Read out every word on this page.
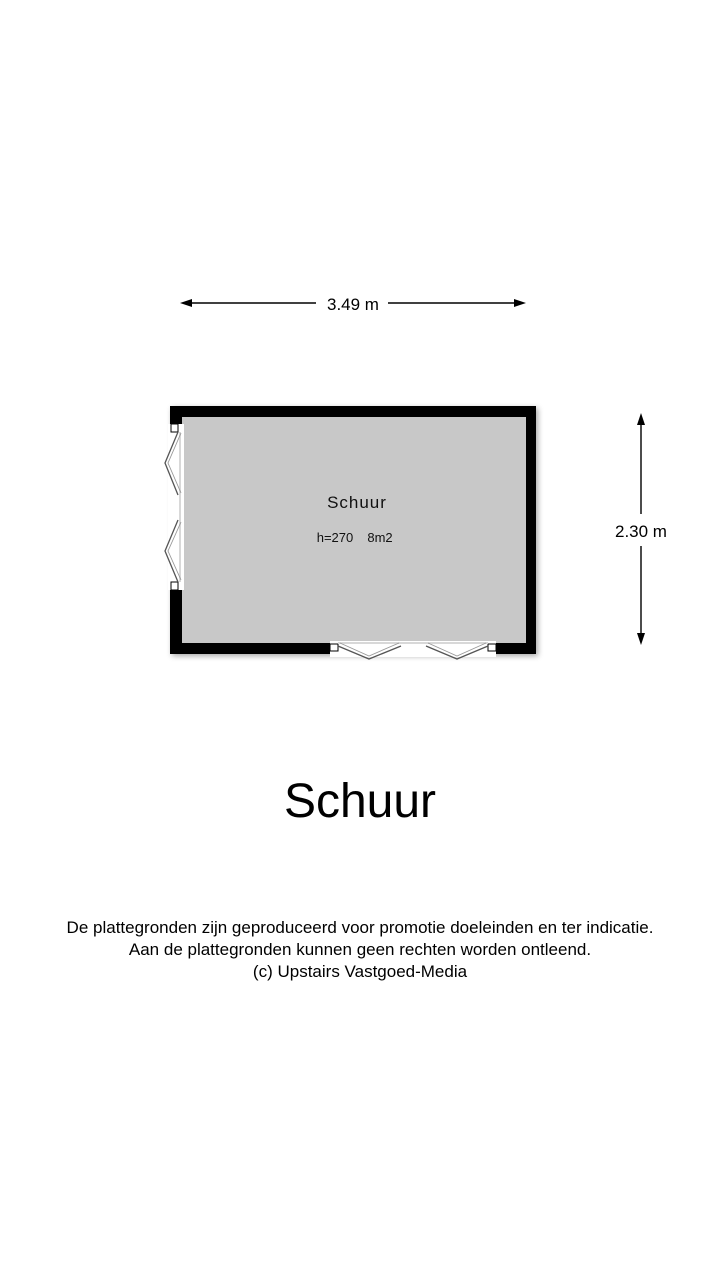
3.49 m
2.30 m
Schuur
h=270 8m2
Schuur
De plattegronden zijn geproduceerd voor promotie doeleinden en ter indicatie.
Aan de plattegronden kunnen geen rechten worden ontleend.
(c) Upstairs Vastgoed-Media
